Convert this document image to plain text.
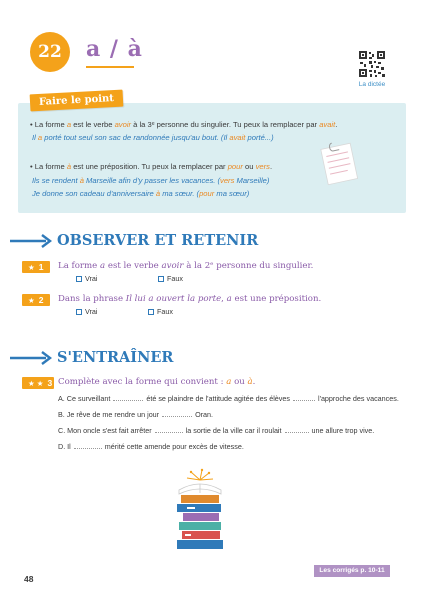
22 a / à
La dictée
Faire le point
• La forme a est le verbe avoir à la 3ᵉ personne du singulier. Tu peux la remplacer par avait.
Il a porté tout seul son sac de randonnée jusqu'au bout. (Il avait porté...)
• La forme à est une préposition. Tu peux la remplacer par pour ou vers.
Ils se rendent à Marseille afin d'y passer les vacances. (vers Marseille)
Je donne son cadeau d'anniversaire à ma sœur. (pour ma sœur)
OBSERVER ET RETENIR
★ 1	La forme a est le verbe avoir à la 2ᵉ personne du singulier.
Vrai	Faux
★ 2	Dans la phrase Il lui a ouvert la porte, a est une préposition.
Vrai	Faux
S'ENTRAÎNER
★ ★ 3 Complète avec la forme qui convient : a ou à.
A. Ce surveillant	été se plaindre de l'attitude agitée des élèves	l'approche des vacances.
B. Je rêve de me rendre un jour	Oran.
C. Mon oncle s'est fait arrêter	la sortie de la ville car il roulait	une allure trop vive.
D. Il	mérité cette amende pour excès de vitesse.
Les corrigés p. 10-11
48
